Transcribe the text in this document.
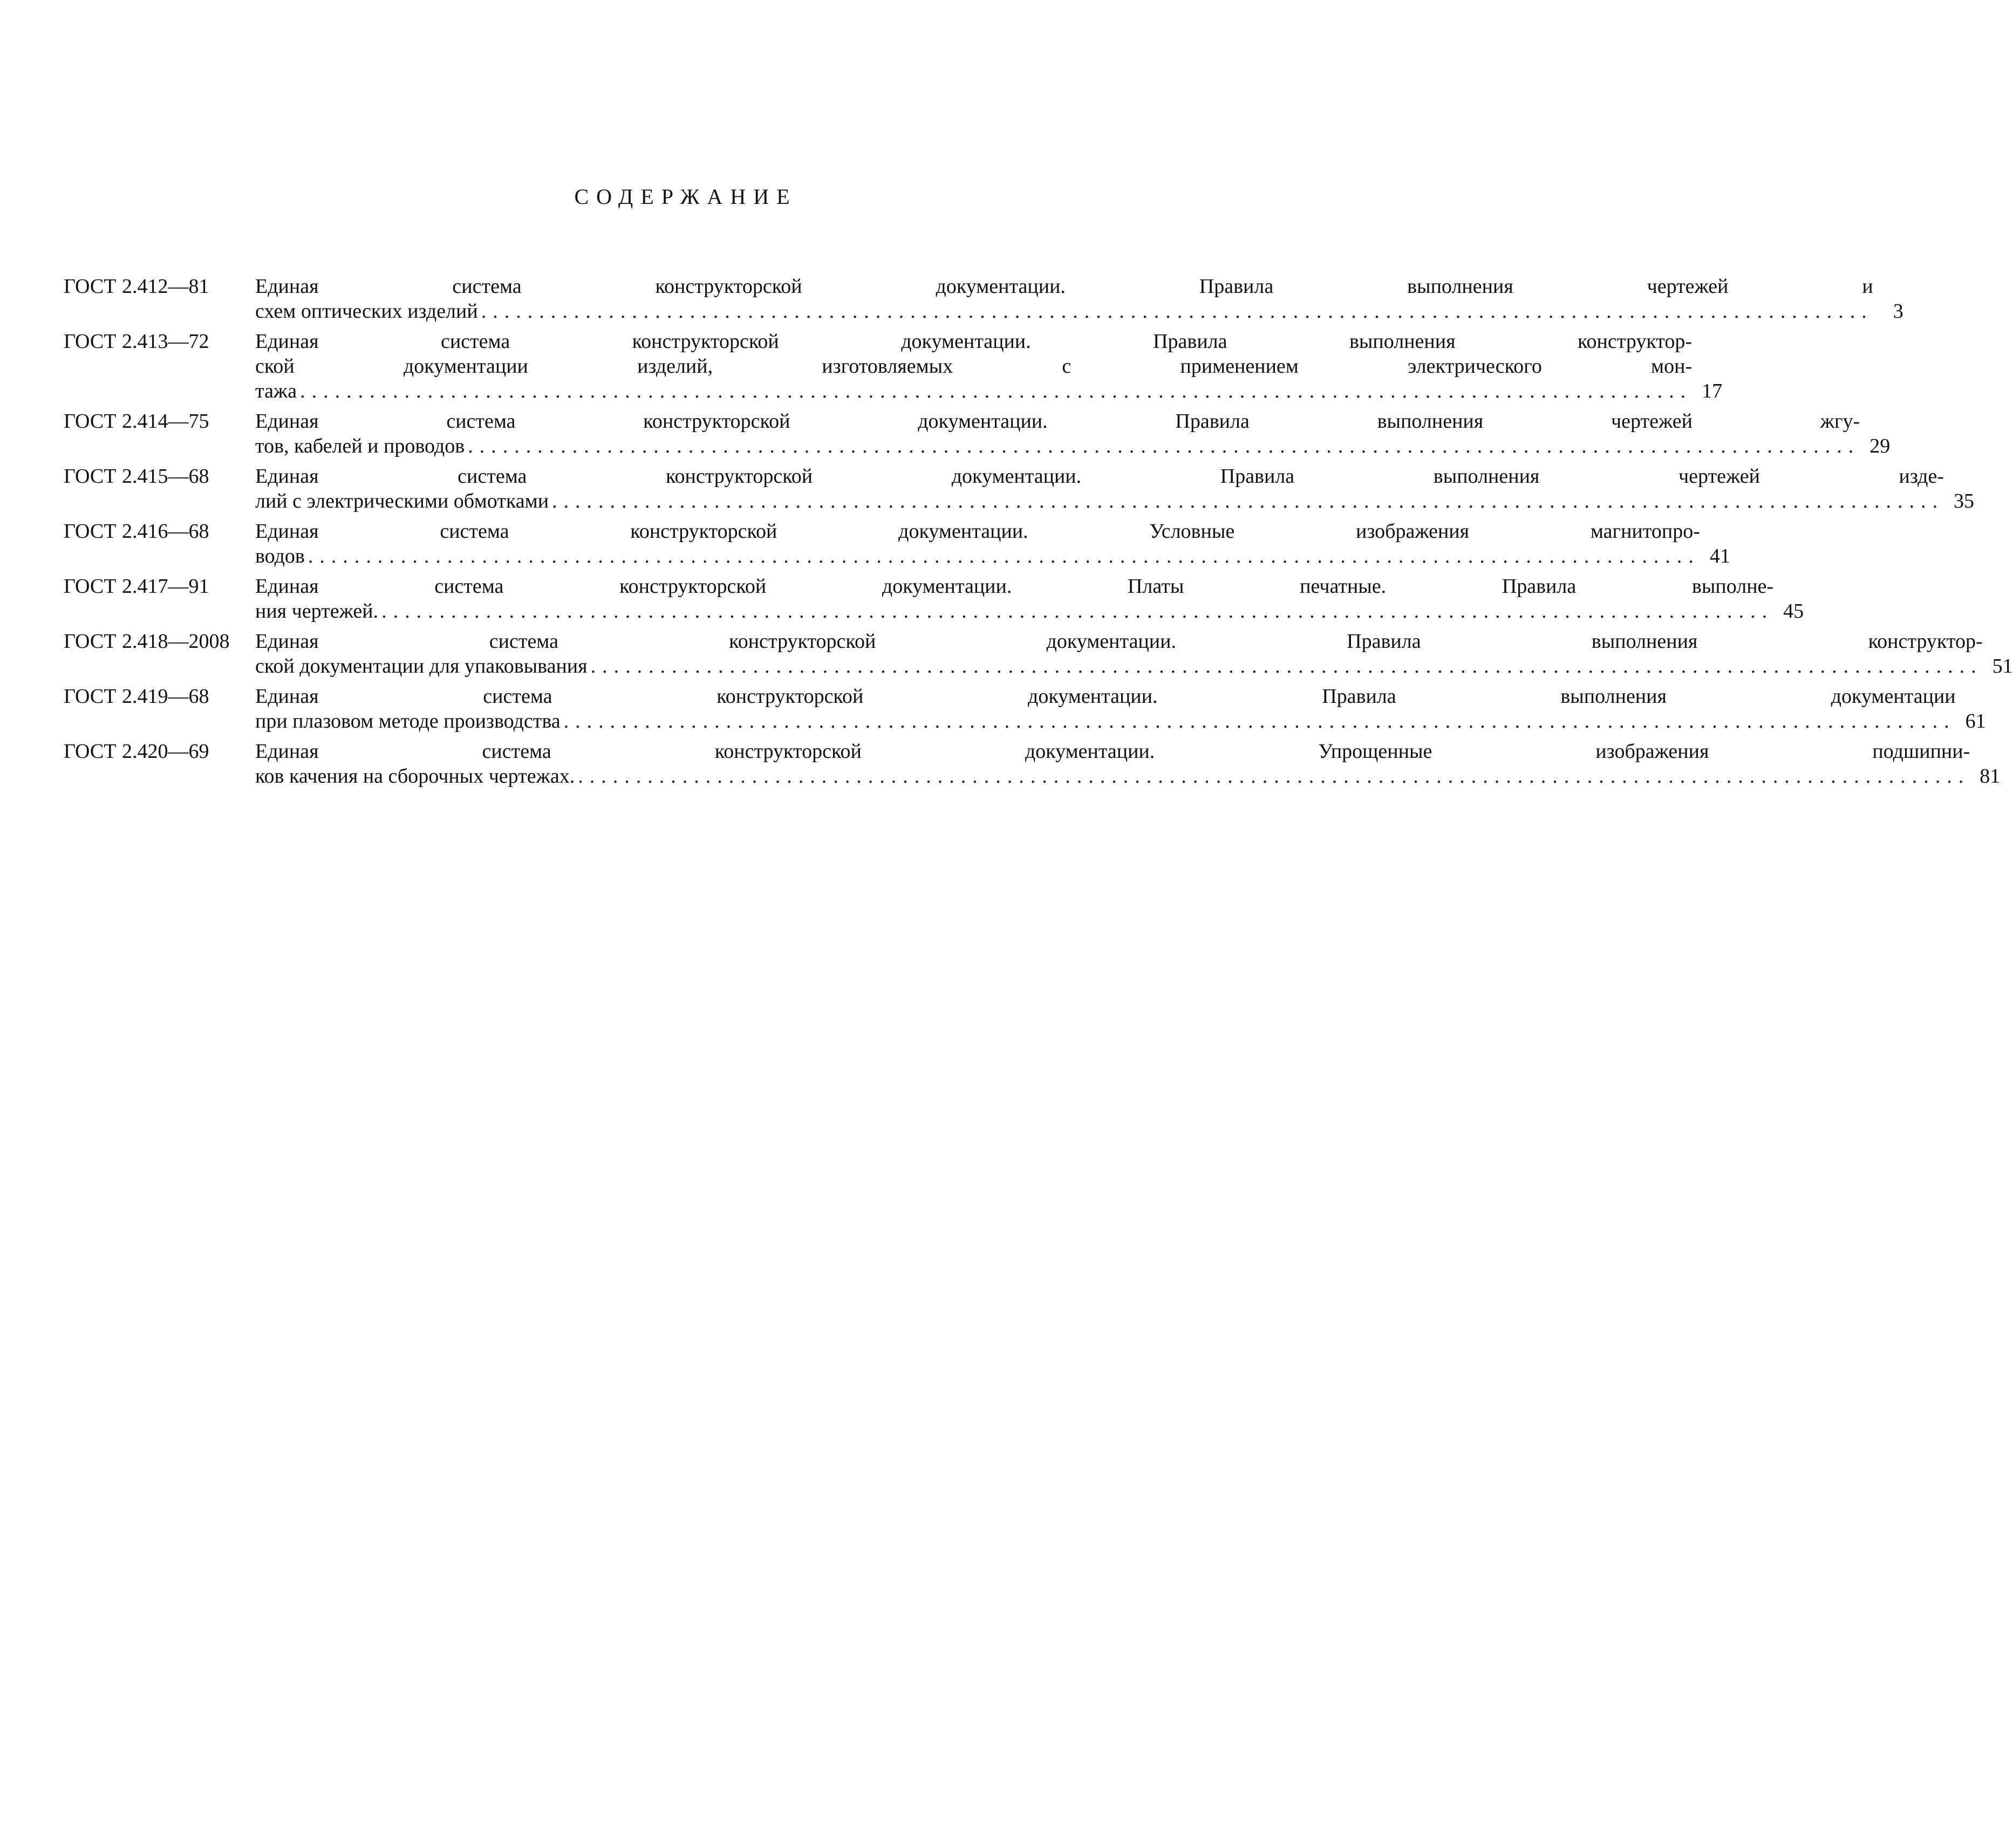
СОДЕРЖАНИЕ
ГОСТ 2.412—81	Единая система конструкторской документации. Правила выполнения чертежей и
схем оптических изделий ........................................................................................................................ 3
ГОСТ 2.413—72	Единая система конструкторской документации. Правила выполнения конструктор-
ской документации изделий, изготовляемых с применением электрического мон-
тажа ........................................................................................................................ 17
ГОСТ 2.414—75	Единая система конструкторской документации. Правила выполнения чертежей жгу-
тов, кабелей и проводов ........................................................................................................................ 29
ГОСТ 2.415—68	Единая система конструкторской документации. Правила выполнения чертежей изде-
лий с электрическими обмотками ........................................................................................................................ 35
ГОСТ 2.416—68	Единая система конструкторской документации. Условные изображения магнитопро-
водов ........................................................................................................................ 41
ГОСТ 2.417—91	Единая система конструкторской документации. Платы печатные. Правила выполне-
ния чертежей. ........................................................................................................................ 45
ГОСТ 2.418—2008	Единая система конструкторской документации. Правила выполнения конструктор-
ской документации для упаковывания ........................................................................................................................ 51
ГОСТ 2.419—68	Единая система конструкторской документации. Правила выполнения документации
при плазовом методе производства ........................................................................................................................ 61
ГОСТ 2.420—69	Единая система конструкторской документации. Упрощенные изображения подшипни-
ков качения на сборочных чертежах. ........................................................................................................................ 81
